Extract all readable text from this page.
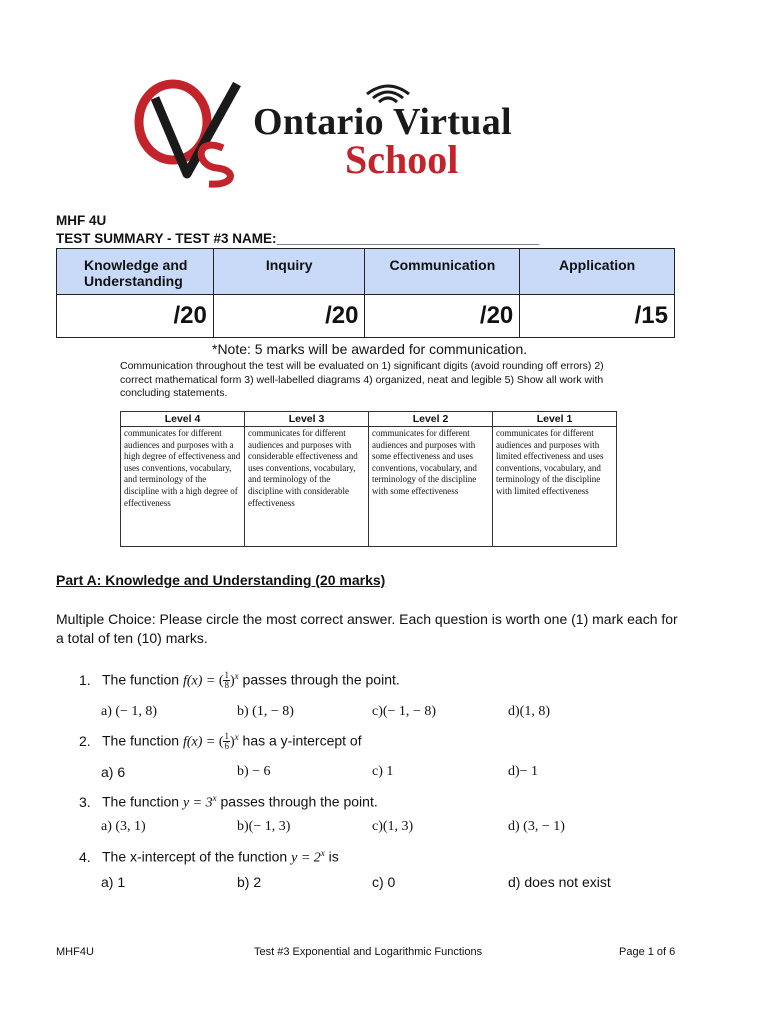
Ontario Virtual
School
MHF 4U
TEST SUMMARY - TEST #3 NAME:___________________________________
Knowledge and Understanding	Inquiry	Communication	Application
/20	/20	/20	/15
*Note: 5 marks will be awarded for communication.
Communication throughout the test will be evaluated on 1) significant digits (avoid rounding off errors) 2) correct mathematical form 3) well-labelled diagrams 4) organized, neat and legible 5) Show all work with concluding statements.
Level 4	Level 3	Level 2	Level 1
communicates for different audiences and purposes with a high degree of effectiveness and uses conventions, vocabulary, and terminology of the discipline with a high degree of effectiveness	communicates for different audiences and purposes with considerable effectiveness and uses conventions, vocabulary, and terminology of the discipline with considerable effectiveness	communicates for different audiences and purposes with some effectiveness and uses conventions, vocabulary, and terminology of the discipline with some effectiveness	communicates for different audiences and purposes with limited effectiveness and uses conventions, vocabulary, and terminology of the discipline with limited effectiveness
Part A: Knowledge and Understanding (20 marks)
Multiple Choice: Please circle the most correct answer. Each question is worth one (1) mark each for a total of ten (10) marks.
1. The function f(x) = ( $\frac{1}{8} )^x$ passes through the point.
a) (− 1, 8)	b) (1, − 8)	c)(− 1, − 8)	d)(1, 8)
2. The function f(x) = ( $\frac{1}{6} )^x$ has a y-intercept of
a) 6	b) − 6	c) 1	d)− 1
3. The function $y = 3^x$ passes through the point.
a) (3, 1)	b)(− 1, 3)	c)(1, 3)	d) (3, − 1)
4. The x-intercept of the function $y = 2^x$ is
a) 1	b) 2	c) 0	d) does not exist
MHF4U	Test #3 Exponential and Logarithmic Functions	Page 1 of 6
